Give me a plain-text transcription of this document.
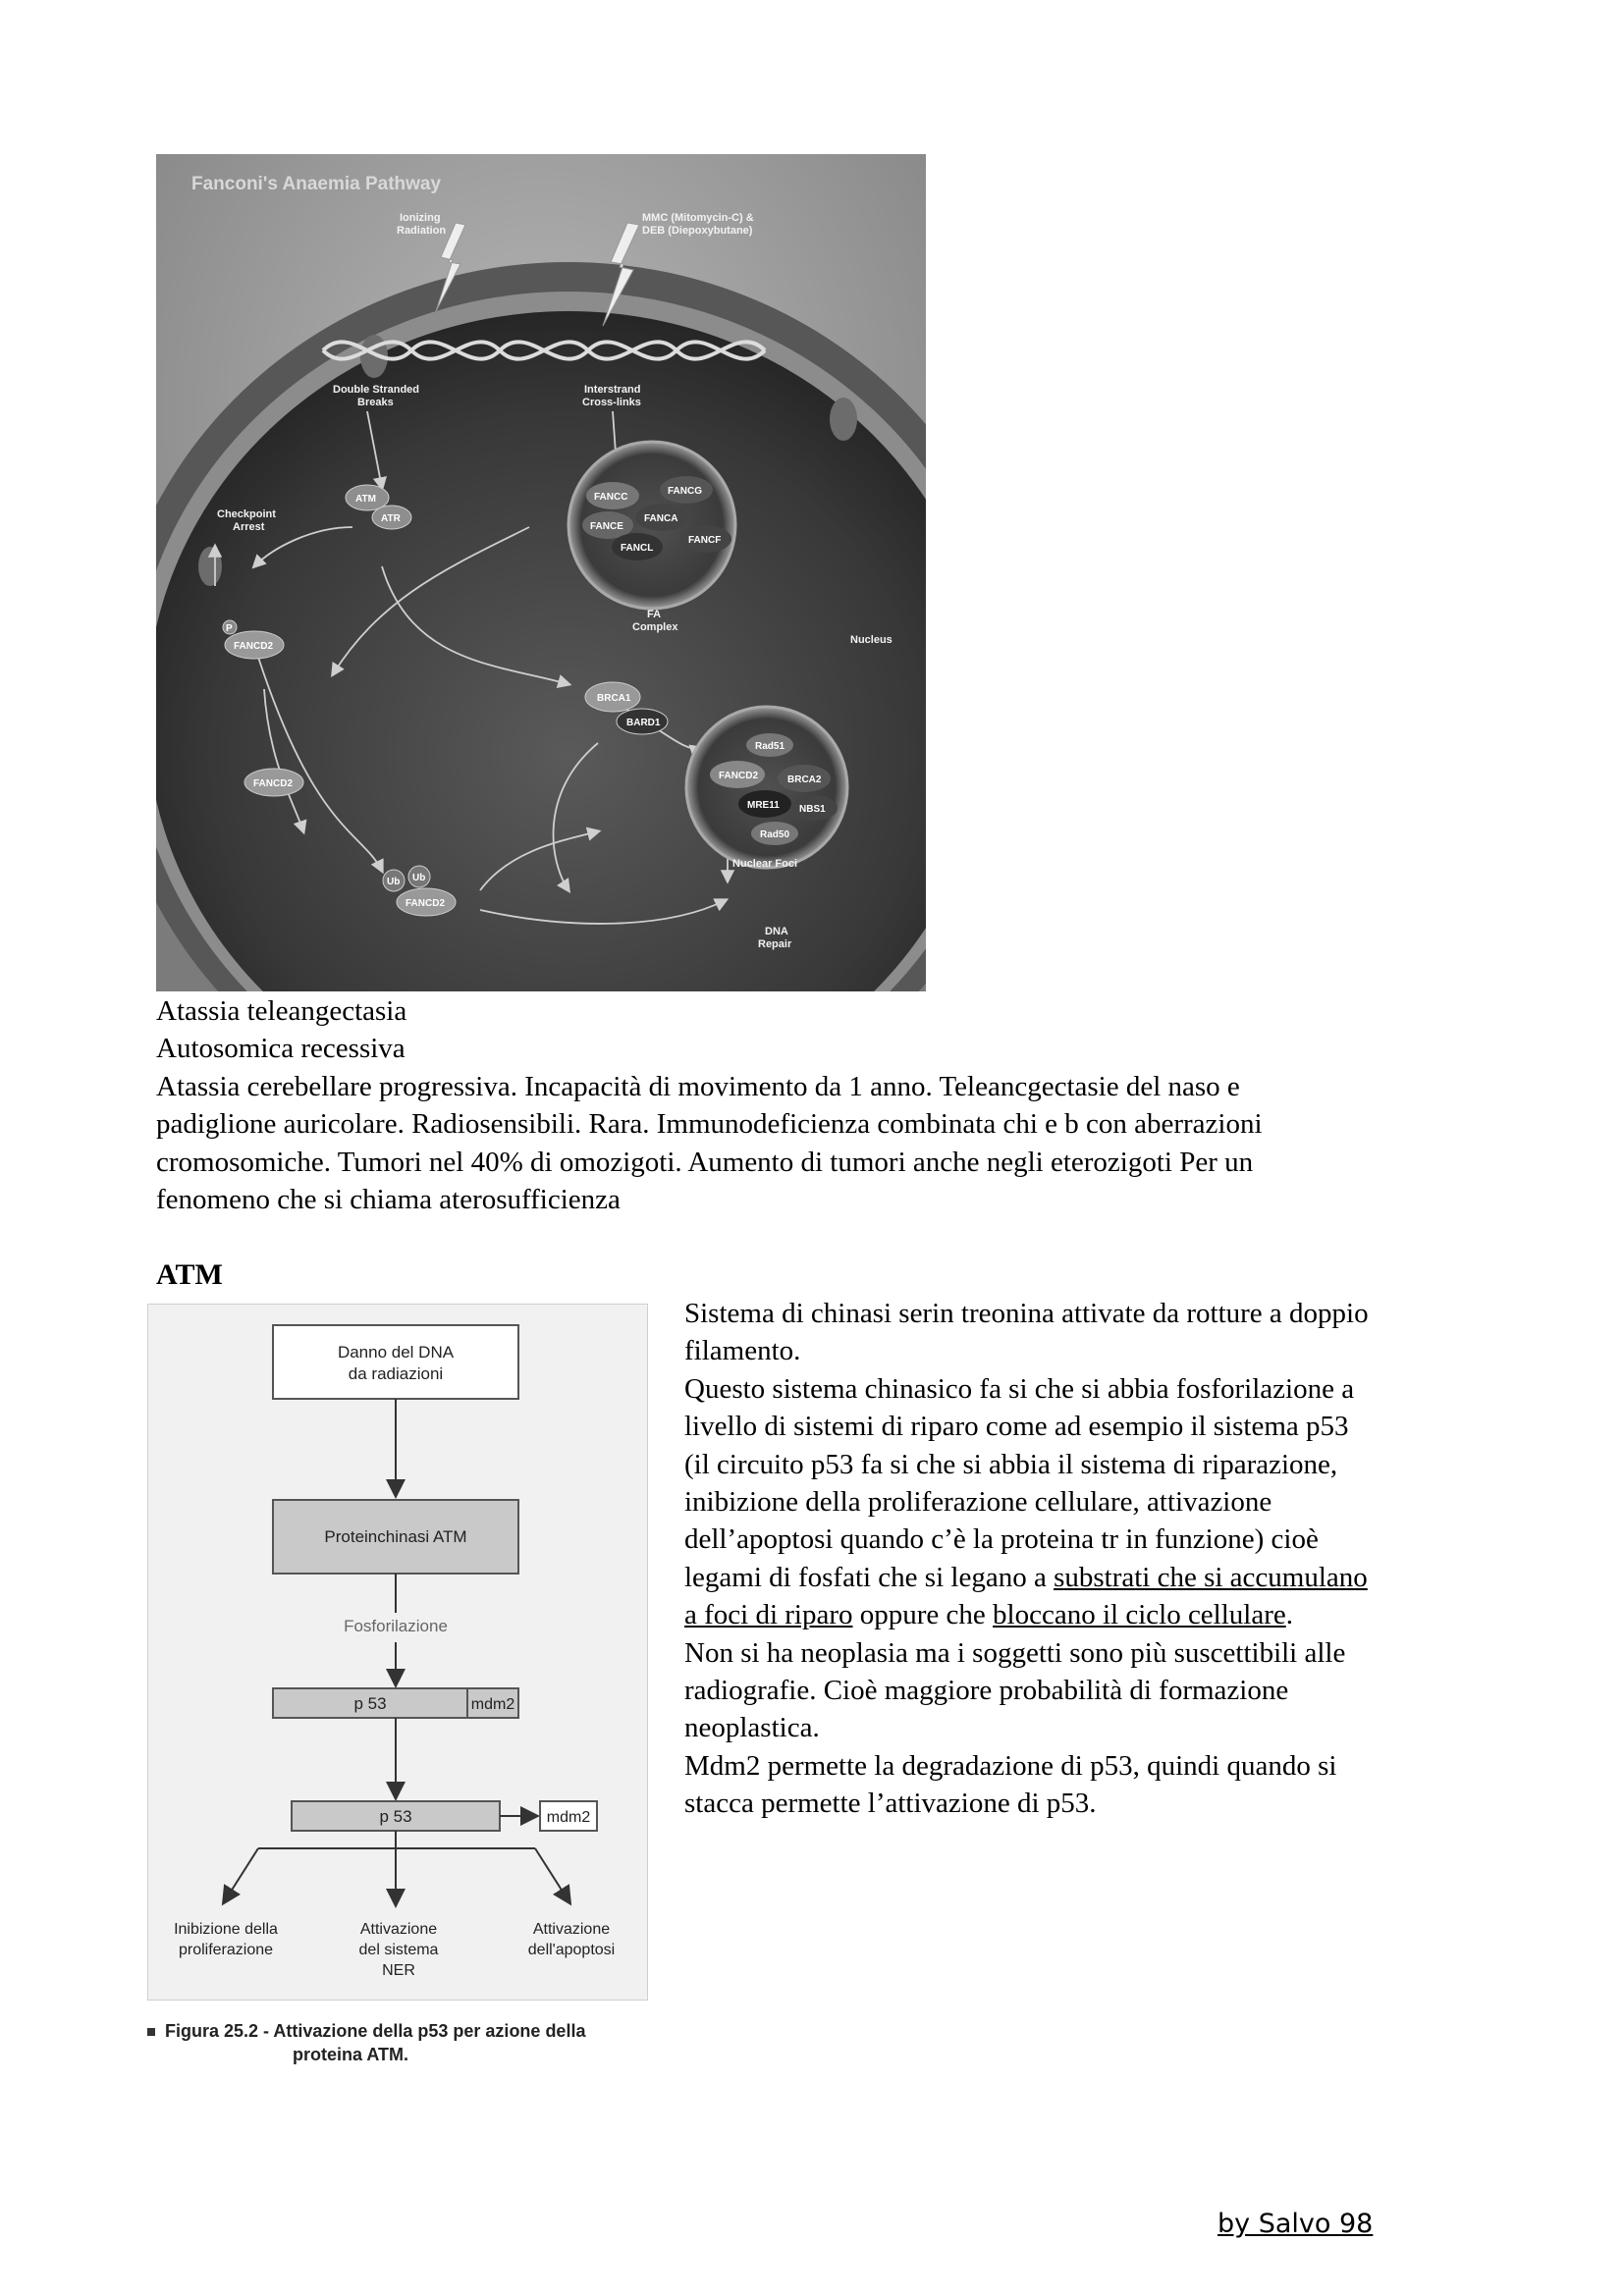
Fanconi's Anaemia Pathway
Ionizing
Radiation
MMC (Mitomycin-C) &
DEB (Diepoxybutane)
Double Stranded
Breaks
Interstrand
Cross-links
Checkpoint
Arrest
ATM
ATR
FANCC
FANCG
FANCE
FANCA
FANCL
FANCF
FA
Complex
Nucleus
P
FANCD2
FANCD2
BRCA1
BARD1
Rad51
FANCD2	BRCA2
MRE11 NBS1
Rad50
Nuclear Foci
Ub Ub
FANCD2
DNA
Repair
Atassia teleangectasia
Autosomica recessiva
Atassia cerebellare progressiva. Incapacità di movimento da 1 anno. Teleancgectasie del naso e
padiglione auricolare. Radiosensibili. Rara. Immunodeficienza combinata chi e b con aberrazioni
cromosomiche. Tumori nel 40% di omozigoti. Aumento di tumori anche negli eterozigoti Per un
fenomeno che si chiama aterosufficienza
ATM
Danno del DNA
da radiazioni
Proteinchinasi ATM
Fosforilazione
p 53	mdm2
p 53	mdm2
Inibizione della
proliferazione
Attivazione
del sistema
NER
Attivazione
dell'apoptosi
Figura 25.2 - Attivazione della p53 per azione della
proteina ATM.
Sistema di chinasi serin treonina attivate da rotture a doppio
filamento.
Questo sistema chinasico fa si che si abbia fosforilazione a
livello di sistemi di riparo come ad esempio il sistema p53
(il circuito p53 fa si che si abbia il sistema di riparazione,
inibizione della proliferazione cellulare, attivazione
dell’apoptosi quando c’è la proteina tr in funzione) cioè
legami di fosfati che si legano a substrati che si accumulano
a foci di riparo oppure che bloccano il ciclo cellulare.
Non si ha neoplasia ma i soggetti sono più suscettibili alle
radiografie. Cioè maggiore probabilità di formazione
neoplastica.
Mdm2 permette la degradazione di p53, quindi quando si
stacca permette l’attivazione di p53.
by Salvo 98
